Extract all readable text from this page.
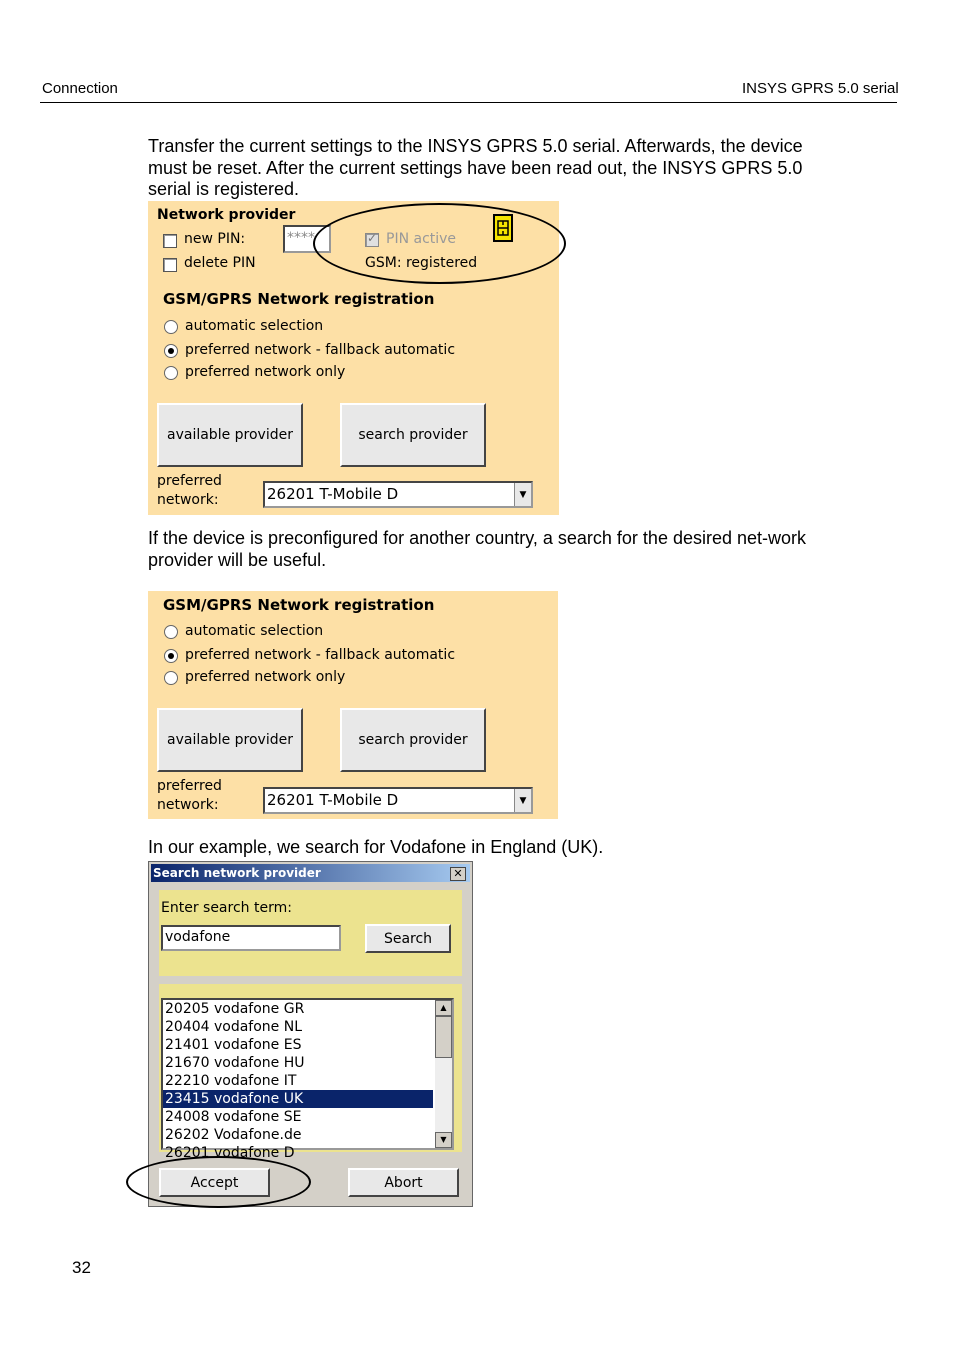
Connection	INSYS GPRS 5.0 serial
Transfer the current settings to the INSYS GPRS 5.0 serial. Afterwards, the device must be reset. After the current settings have been read out, the INSYS GPRS 5.0 serial is registered.
Network provider
new PIN:	****
delete PIN
✓ PIN active
GSM: registered
GSM/GPRS Network registration
automatic selection
preferred network - fallback automatic
preferred network only
available provider	search provider
preferred
network:	26201 T-Mobile D	▼
If the device is preconfigured for another country, a search for the desired net-work provider will be useful.
GSM/GPRS Network registration
automatic selection
preferred network - fallback automatic
preferred network only
available provider	search provider
preferred
network:	26201 T-Mobile D	▼
In our example, we search for Vodafone in England (UK).
Search network provider	✕
Enter search term:
vodafone	Search
20205 vodafone GR
20404 vodafone NL
21401 vodafone ES
21670 vodafone HU
22210 vodafone IT
23415 vodafone UK
24008 vodafone SE
26202 Vodafone.de
26201 vodafone D
▲
▼
Accept	Abort
32
